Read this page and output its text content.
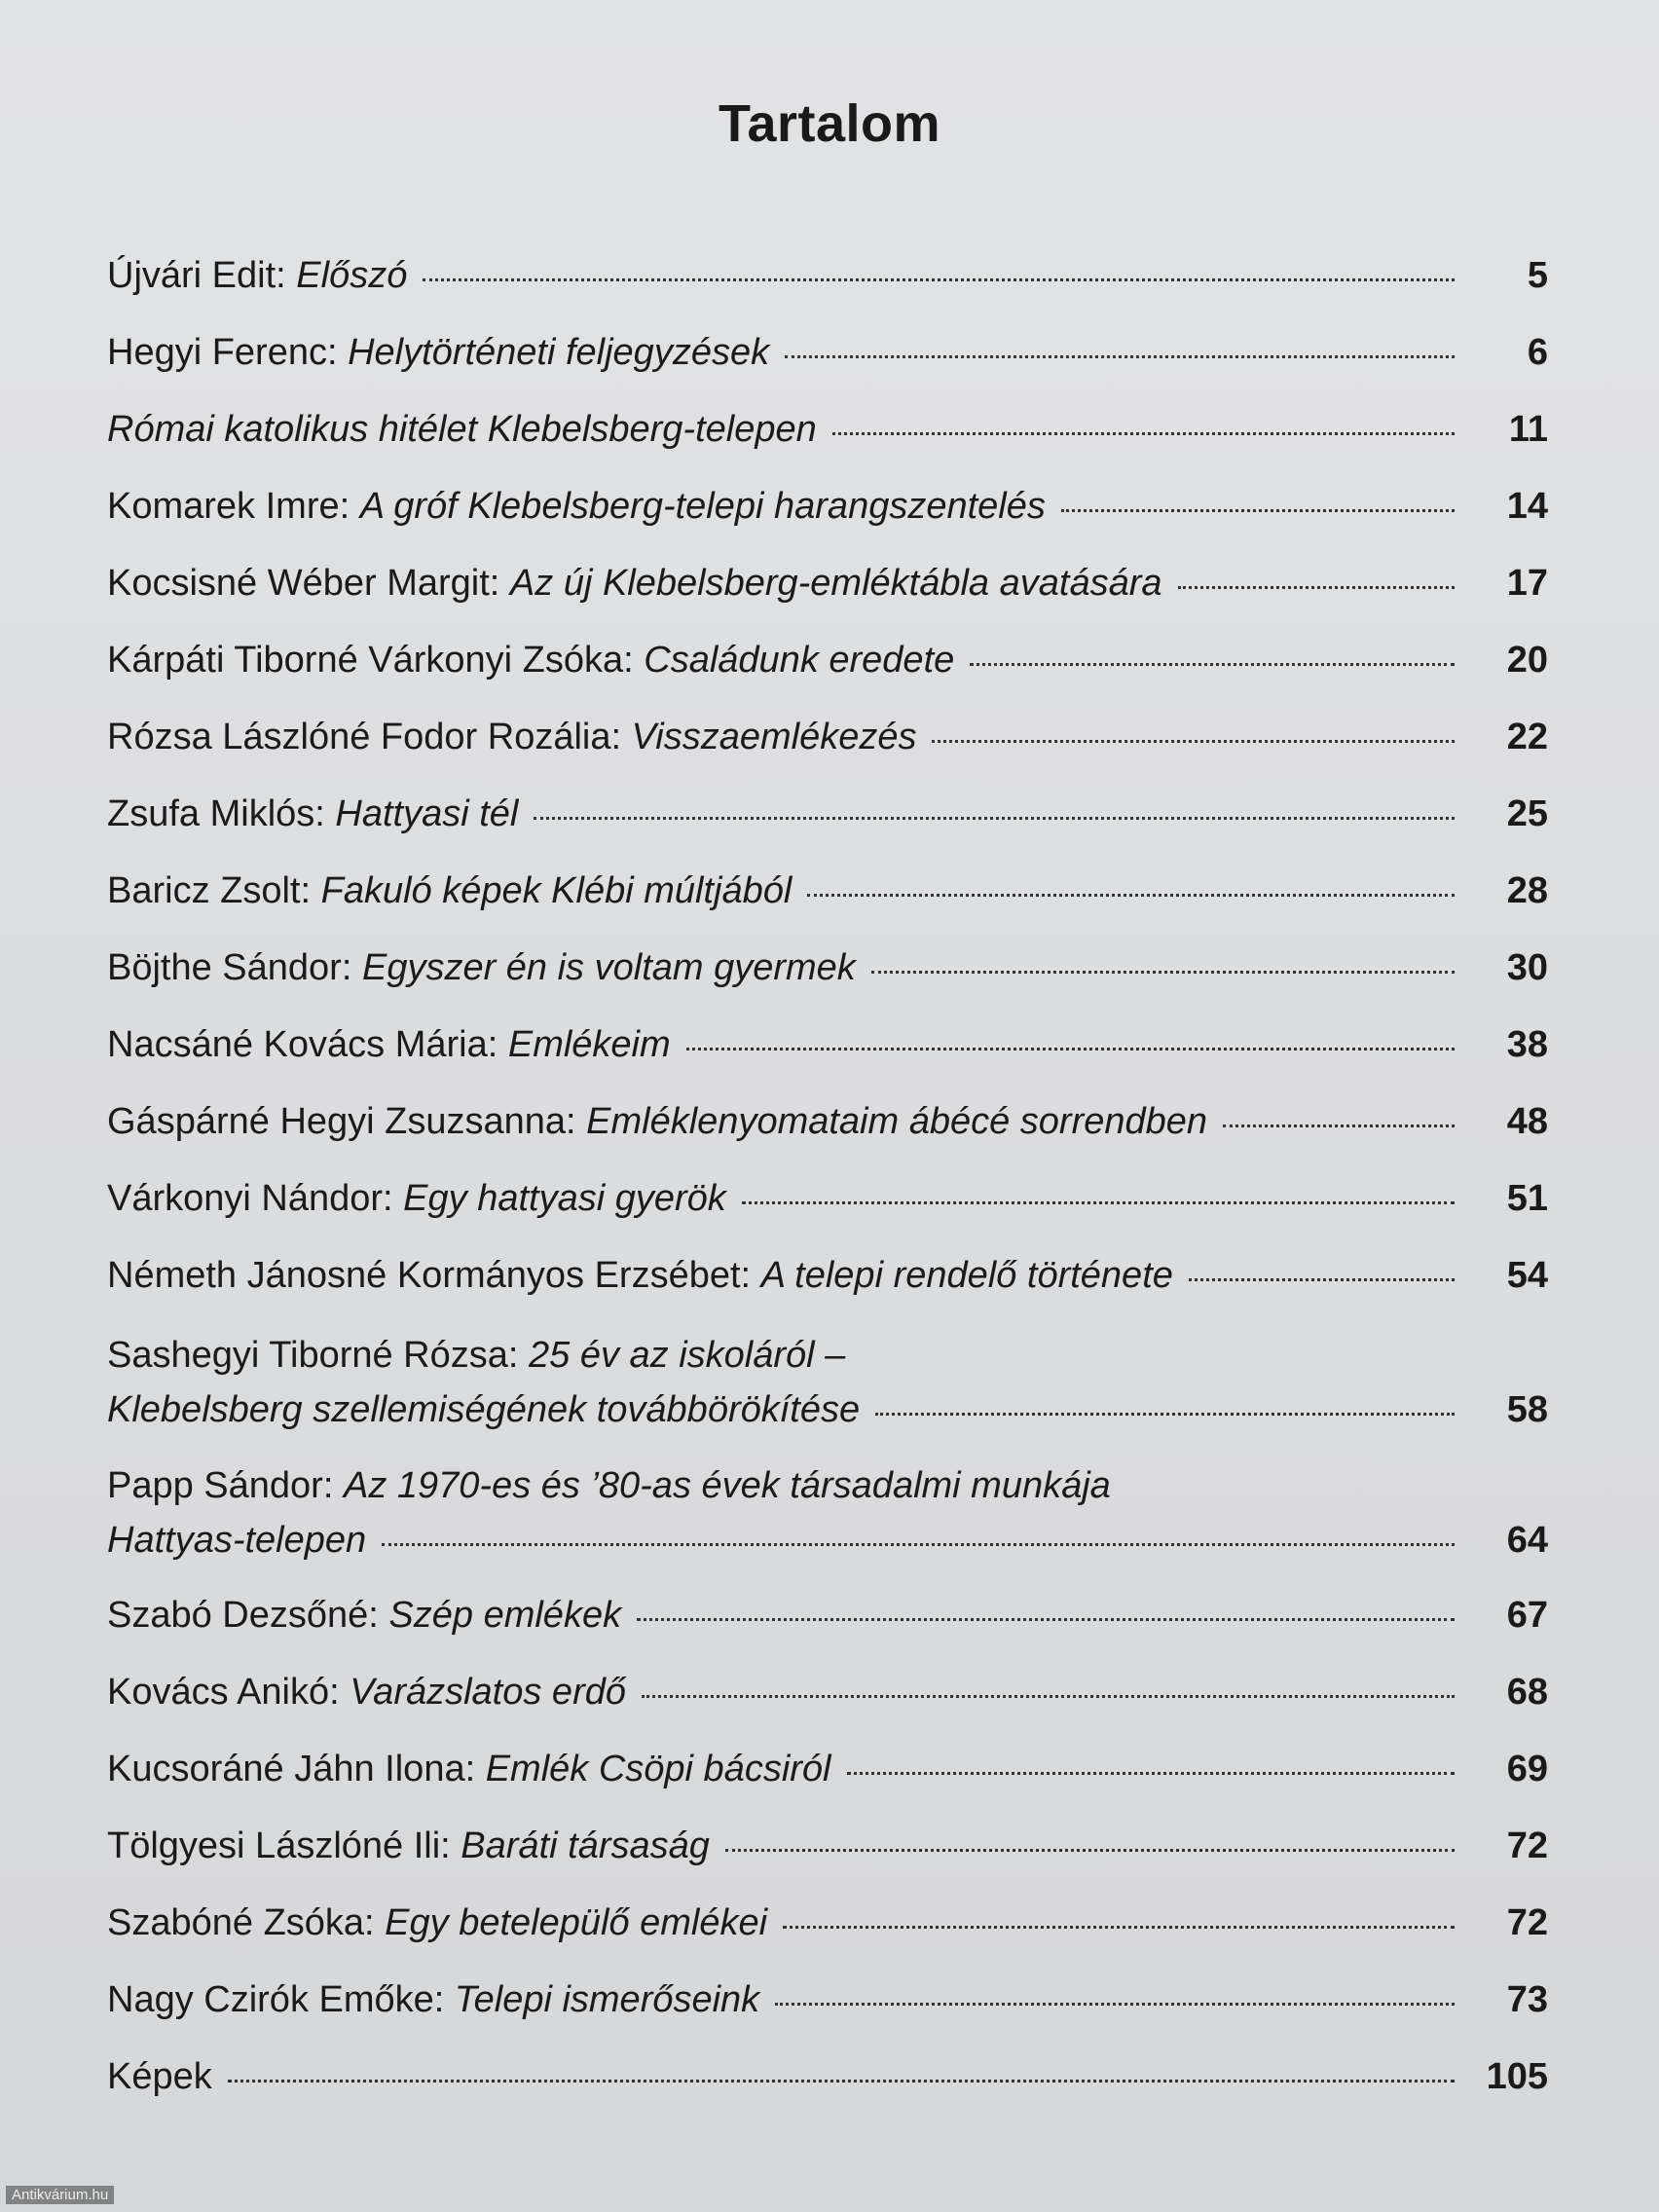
Tartalom
Újvári Edit: Előszó	5
Hegyi Ferenc: Helytörténeti feljegyzések	6
Római katolikus hitélet Klebelsberg-telepen	11
Komarek Imre: A gróf Klebelsberg-telepi harangszentelés	14
Kocsisné Wéber Margit: Az új Klebelsberg-emléktábla avatására	17
Kárpáti Tiborné Várkonyi Zsóka: Családunk eredete	20
Rózsa Lászlóné Fodor Rozália: Visszaemlékezés	22
Zsufa Miklós: Hattyasi tél	25
Baricz Zsolt: Fakuló képek Klébi múltjából	28
Böjthe Sándor: Egyszer én is voltam gyermek	30
Nacsáné Kovács Mária: Emlékeim	38
Gáspárné Hegyi Zsuzsanna: Emléklenyomataim ábécé sorrendben	48
Várkonyi Nándor: Egy hattyasi gyerök	51
Németh Jánosné Kormányos Erzsébet: A telepi rendelő története	54
Sashegyi Tiborné Rózsa: 25 év az iskoláról –
Klebelsberg szellemiségének továbbörökítése	58
Papp Sándor: Az 1970-es és ’80-as évek társadalmi munkája
Hattyas-telepen	64
Szabó Dezsőné: Szép emlékek	67
Kovács Anikó: Varázslatos erdő	68
Kucsoráné Jáhn Ilona: Emlék Csöpi bácsiról	69
Tölgyesi Lászlóné Ili: Baráti társaság	72
Szabóné Zsóka: Egy betelepülő emlékei	72
Nagy Czirók Emőke: Telepi ismerőseink	73
Képek	105
Antikvárium.hu
